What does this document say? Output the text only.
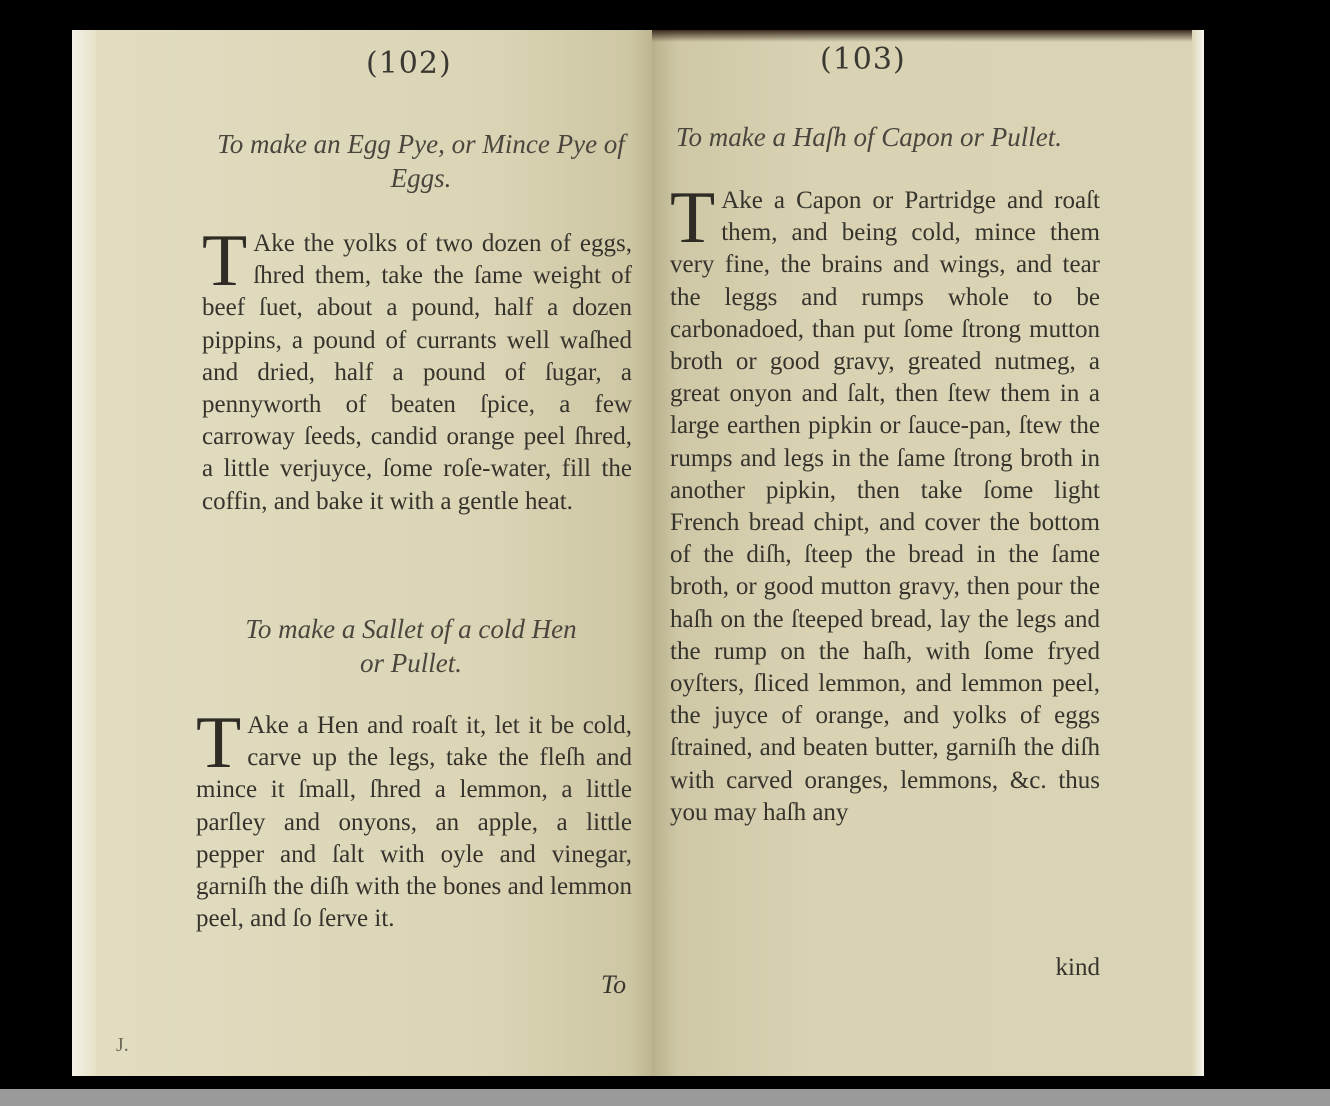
(102)
To make an Egg Pye, or Mince Pye of Eggs.
T Ake the yolks of two dozen of eggs, ſhred them, take the ſame weight of beef ſuet, about a pound, half a dozen pippins, a pound of currants well waſhed and dried, half a pound of ſugar, a pennyworth of beaten ſpice, a few carroway ſeeds, candid orange peel ſhred, a little verjuyce, ſome roſe-water, fill the coffin, and bake it with a gentle heat.
To make a Sallet of a cold Hen or Pullet.
T Ake a Hen and roaſt it, let it be cold, carve up the legs, take the fleſh and mince it ſmall, ſhred a lemmon, a little parſley and onyons, an apple, a little pepper and ſalt with oyle and vinegar, garniſh the diſh with the bones and lemmon peel, and ſo ſerve it.
To
J.
(103)
To make a Haſh of Capon or Pullet.
T Ake a Capon or Partridge and roaſt them, and being cold, mince them very fine, the brains and wings, and tear the leggs and rumps whole to be carbonadoed, than put ſome ſtrong mutton broth or good gravy, greated nutmeg, a great onyon and ſalt, then ſtew them in a large earthen pipkin or ſauce-pan, ſtew the rumps and legs in the ſame ſtrong broth in another pipkin, then take ſome light French bread chipt, and cover the bottom of the diſh, ſteep the bread in the ſame broth, or good mutton gravy, then pour the haſh on the ſteeped bread, lay the legs and the rump on the haſh, with ſome fryed oyſters, ſliced lemmon, and lemmon peel, the juyce of orange, and yolks of eggs ſtrained, and beaten butter, garniſh the diſh with carved oranges, lemmons, &c. thus you may haſh any
kind
